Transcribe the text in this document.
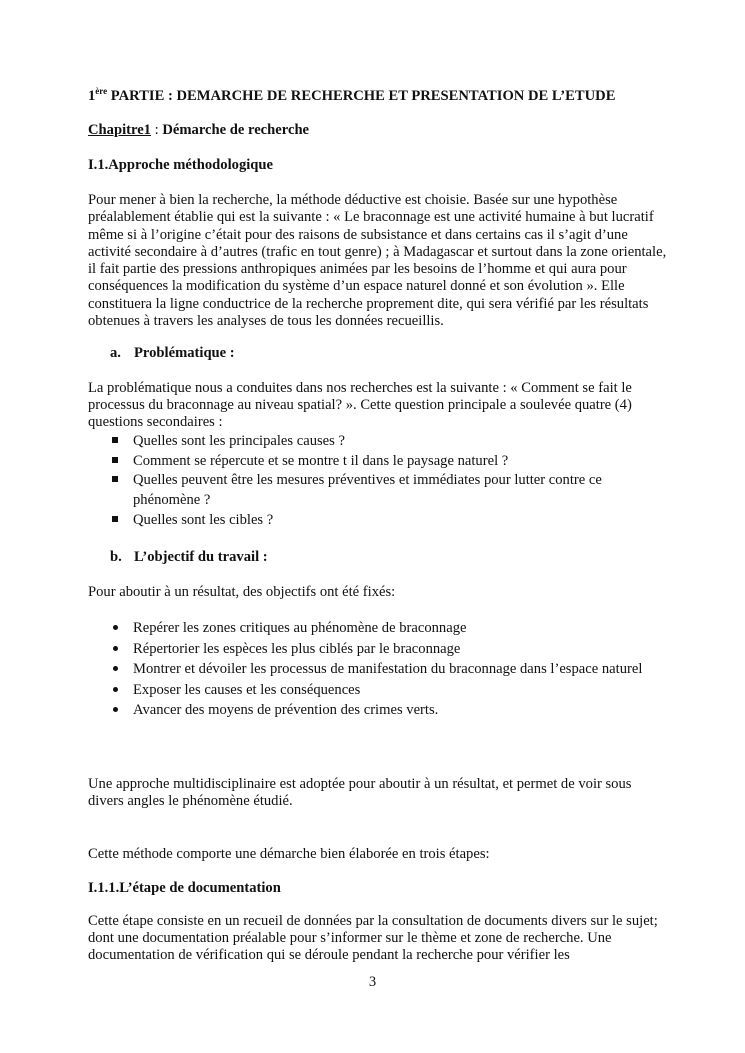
1ère PARTIE : DEMARCHE DE RECHERCHE ET PRESENTATION DE L’ETUDE
Chapitre1 : Démarche de recherche
I.1.Approche méthodologique

Pour mener à bien la recherche, la méthode déductive est choisie. Basée sur une hypothèse préalablement établie qui est la suivante : « Le braconnage est une activité humaine à but lucratif même si à l’origine c’était pour des raisons de subsistance et dans certains cas il s’agit d’une activité secondaire à d’autres (trafic en tout genre) ; à Madagascar et surtout dans la zone orientale, il fait partie des pressions anthropiques animées par les besoins de l’homme et qui aura pour conséquences la modification du système d’un espace naturel donné et son évolution ». Elle constituera la ligne conductrice de la recherche proprement dite, qui sera vérifié par les résultats obtenues à travers les analyses de tous les données recueillis.

a. Problématique :

La problématique nous a conduites dans nos recherches est la suivante : « Comment se fait le processus du braconnage au niveau spatial? ». Cette question principale a soulevée quatre (4) questions secondaires :

Quelles sont les principales causes ?
Comment se répercute et se montre t il dans le paysage naturel ?
Quelles peuvent être les mesures préventives et immédiates pour lutter contre ce phénomène ?
Quelles sont les cibles ?
b. L’objectif du travail :

Pour aboutir à un résultat, des objectifs ont été fixés:

Repérer les zones critiques au phénomène de braconnage
Répertorier les espèces les plus ciblés par le braconnage
Montrer et dévoiler les processus de manifestation du braconnage dans l’espace naturel
Exposer les causes et les conséquences
Avancer des moyens de prévention des crimes verts.

Une approche multidisciplinaire est adoptée pour aboutir à un résultat, et permet de voir sous divers angles le phénomène étudié.

Cette méthode comporte une démarche bien élaborée en trois étapes:

I.1.1.L’étape de documentation

Cette étape consiste en un recueil de données par la consultation de documents divers sur le sujet; dont une documentation préalable pour s’informer sur le thème et zone de recherche. Une documentation de vérification qui se déroule pendant la recherche pour vérifier les

3
